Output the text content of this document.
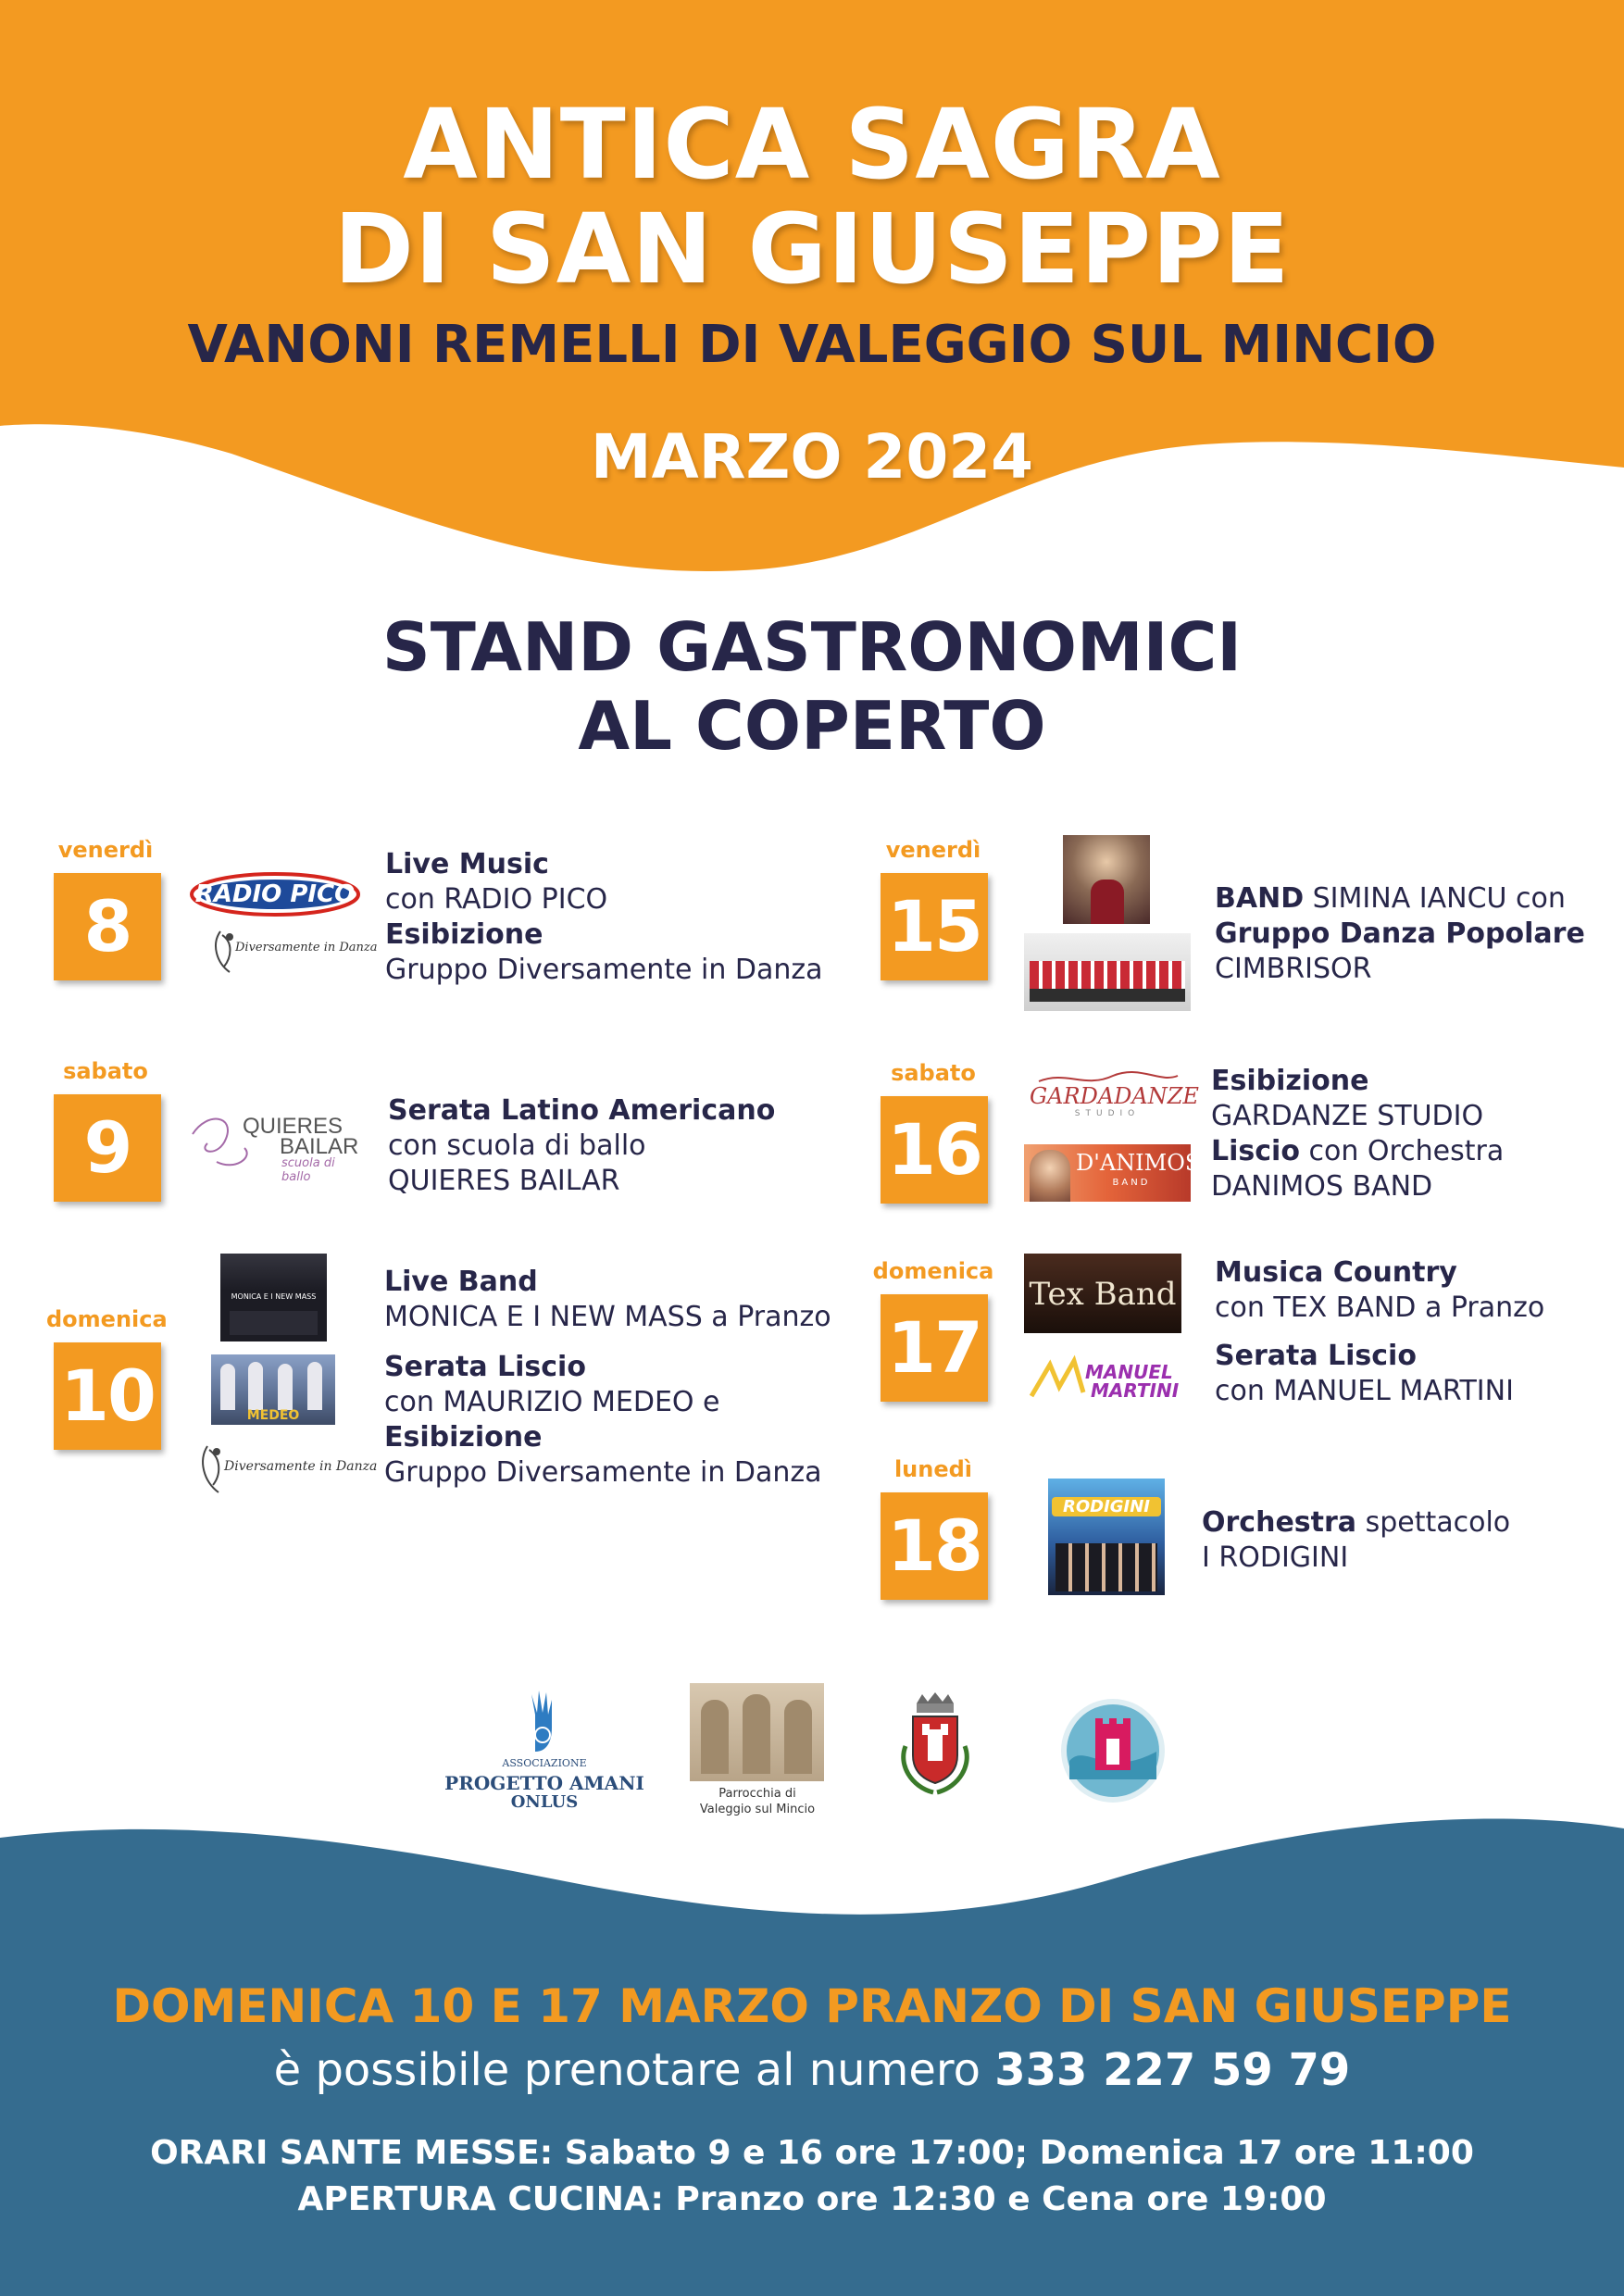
ANTICA SAGRA
DI SAN GIUSEPPE
VANONI REMELLI DI VALEGGIO SUL MINCIO
MARZO 2024
STAND GASTRONOMICI
AL COPERTO
venerdì
8	RADIO PICO
Diversamente in Danza
Live Music
con RADIO PICO
Esibizione
Gruppo Diversamente in Danza
sabato
9	QUIERES
BAILAR
scuola di ballo
Serata Latino Americano
con scuola di ballo
QUIERES BAILAR
domenica
10
MONICA E I NEW MASS
MEDEO
Diversamente in Danza
Live Band
MONICA E I NEW MASS a Pranzo
Serata Liscio
con MAURIZIO MEDEO e
Esibizione
Gruppo Diversamente in Danza
venerdì
15	BAND SIMINA IANCU con
Gruppo Danza Popolare
CIMBRISOR
sabato
16
GARDADANZE
STUDIO
D'ANIMOS
BAND
Esibizione
GARDANZE STUDIO
Liscio con Orchestra
DANIMOS BAND
domenica
17
Tex Band
MANUEL
MARTINI
Musica Country
con TEX BAND a Pranzo
Serata Liscio
con MANUEL MARTINI
lunedì
18	RODIGINI	Orchestra spettacolo
I RODIGINI
ASSOCIAZIONE
PROGETTO AMANI
ONLUS	Parrocchia di
Valeggio sul Mincio
DOMENICA 10 E 17 MARZO PRANZO DI SAN GIUSEPPE
è possibile prenotare al numero 333 227 59 79
ORARI SANTE MESSE: Sabato 9 e 16 ore 17:00; Domenica 17 ore 11:00
APERTURA CUCINA: Pranzo ore 12:30 e Cena ore 19:00
